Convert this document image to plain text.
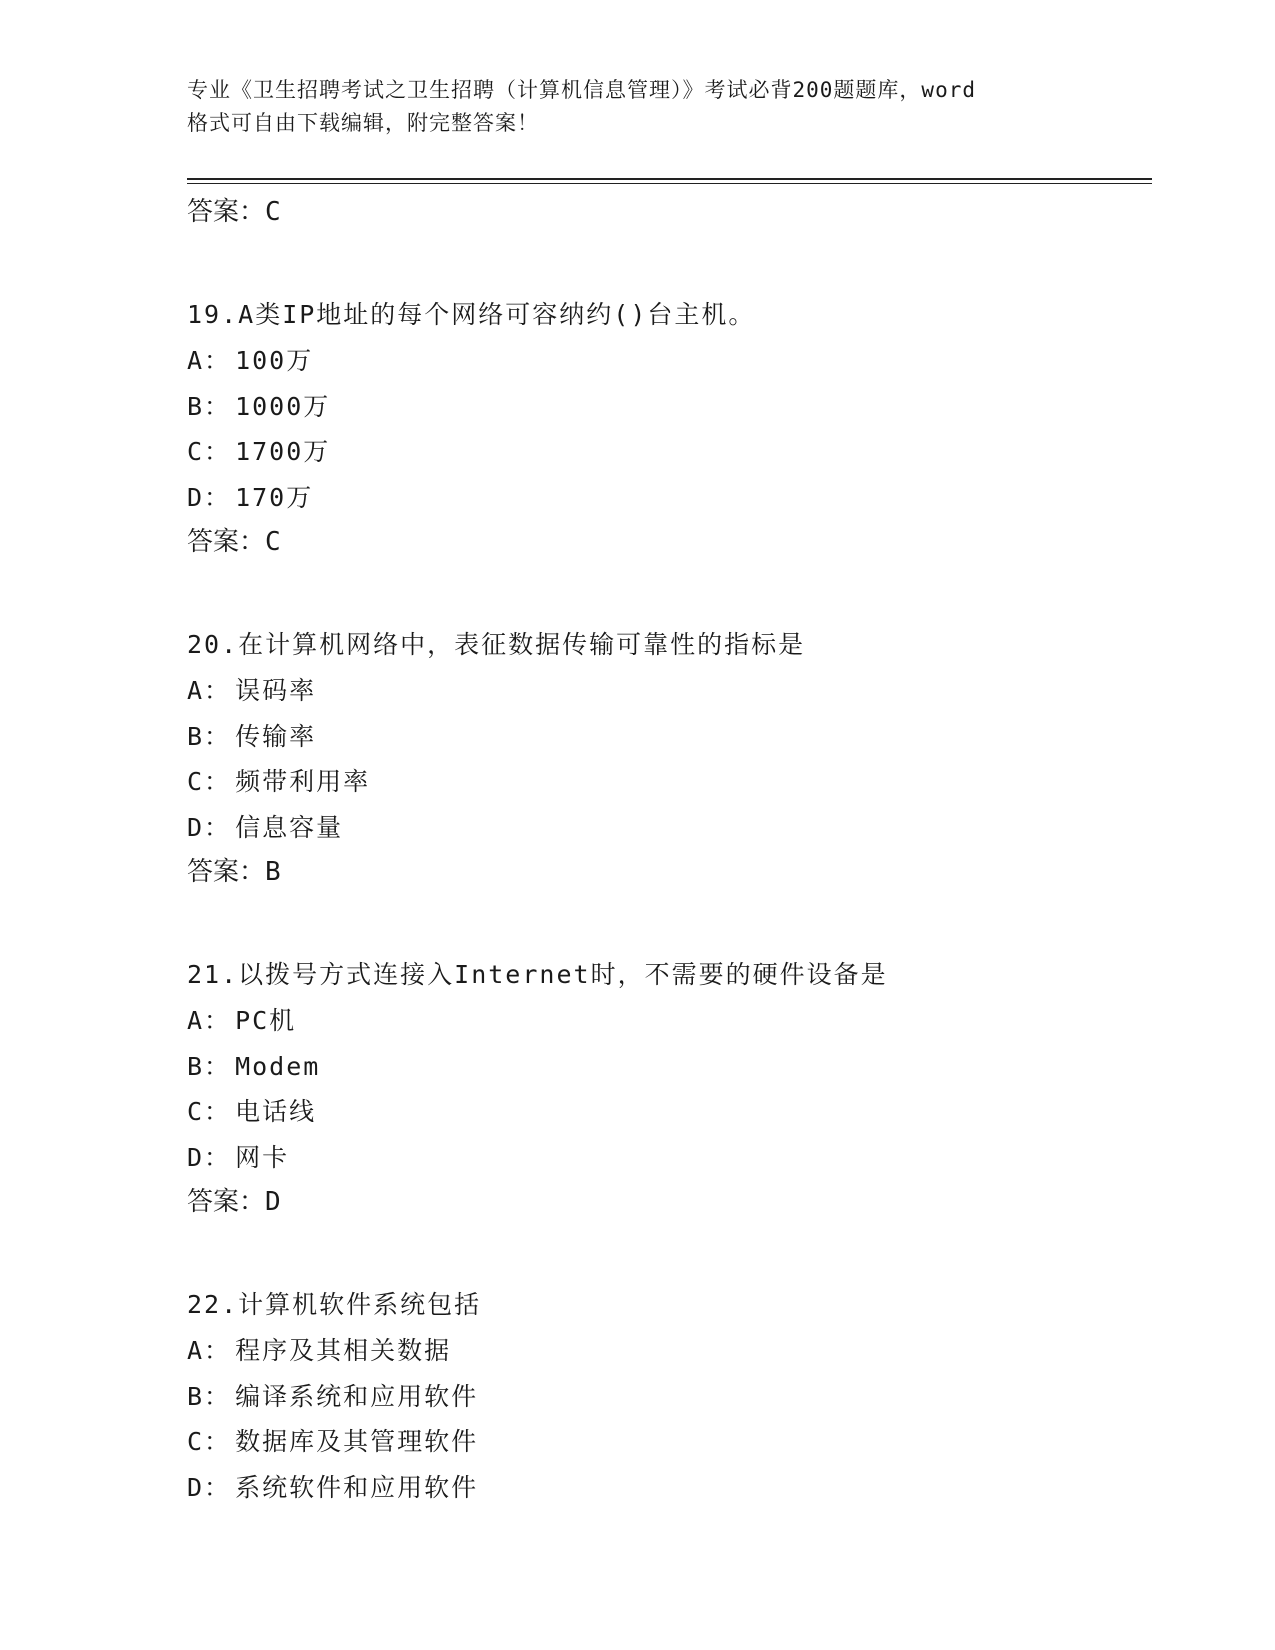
专业《卫生招聘考试之卫生招聘（计算机信息管理）》考试必背200题题库，word
格式可自由下载编辑，附完整答案！
答案：C
19.A类IP地址的每个网络可容纳约()台主机。
A： 100万
B： 1000万
C： 1700万
D： 170万
答案：C
20.在计算机网络中，表征数据传输可靠性的指标是
A： 误码率
B： 传输率
C： 频带利用率
D： 信息容量
答案：B
21.以拨号方式连接入Internet时，不需要的硬件设备是
A： PC机
B： Modem
C： 电话线
D： 网卡
答案：D
22.计算机软件系统包括
A： 程序及其相关数据
B： 编译系统和应用软件
C： 数据库及其管理软件
D： 系统软件和应用软件
